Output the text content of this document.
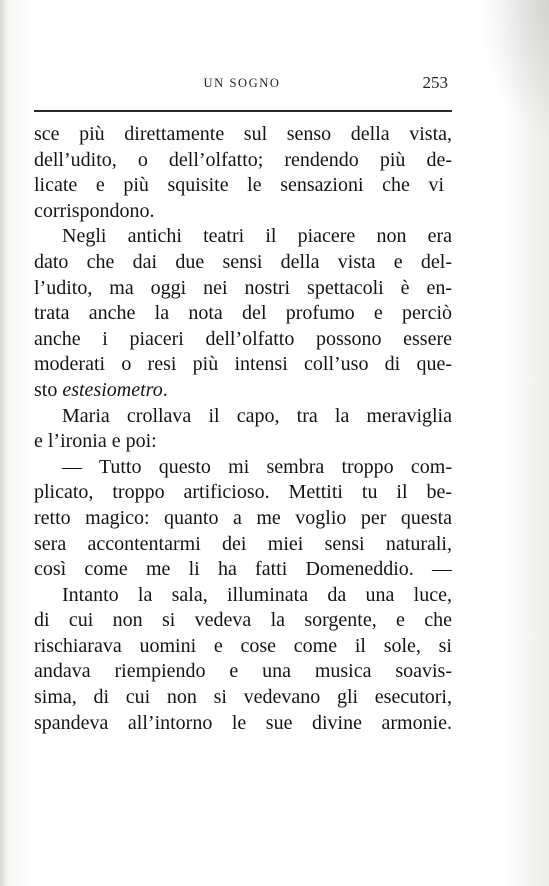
UN SOGNO	253
sce più direttamente sul senso della vista,
dell’udito, o dell’olfatto; rendendo più de-
licate e più squisite le sensazioni che vi
corrispondono.
Negli antichi teatri il piacere non era
dato che dai due sensi della vista e del-
l’udito, ma oggi nei nostri spettacoli è en-
trata anche la nota del profumo e perciò
anche i piaceri dell’olfatto possono essere
moderati o resi più intensi coll’uso di que-
sto estesiometro.
Maria crollava il capo, tra la meraviglia
e l’ironia e poi:
— Tutto questo mi sembra troppo com-
plicato, troppo artificioso. Mettiti tu il be-
retto magico: quanto a me voglio per questa
sera accontentarmi dei miei sensi naturali,
così come me li ha fatti Domeneddio. —
Intanto la sala, illuminata da una luce,
di cui non si vedeva la sorgente, e che
rischiarava uomini e cose come il sole, si
andava riempiendo e una musica soavis-
sima, di cui non si vedevano gli esecutori,
spandeva all’intorno le sue divine armonie.
